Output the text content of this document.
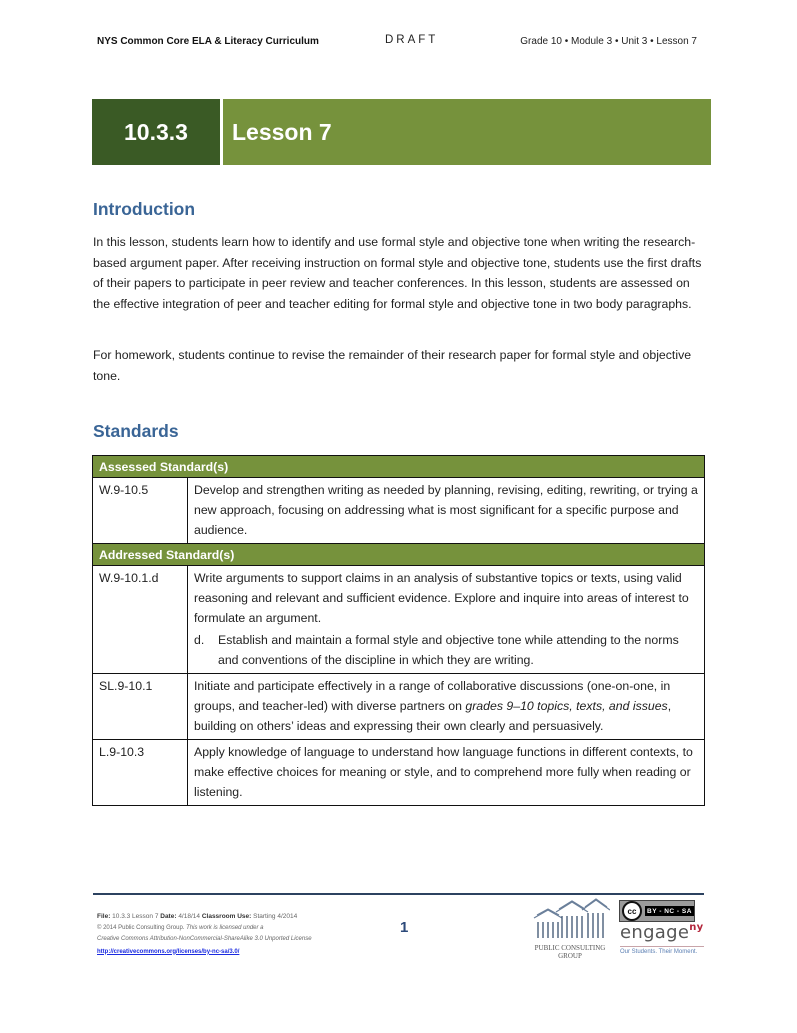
NYS Common Core ELA & Literacy Curriculum	DRAFT	Grade 10 • Module 3 • Unit 3 • Lesson 7
10.3.3	Lesson 7
Introduction

In this lesson, students learn how to identify and use formal style and objective tone when writing the research-based argument paper. After receiving instruction on formal style and objective tone, students use the first drafts of their papers to participate in peer review and teacher conferences. In this lesson, students are assessed on the effective integration of peer and teacher editing for formal style and objective tone in two body paragraphs.

For homework, students continue to revise the remainder of their research paper for formal style and objective tone.

Standards
Assessed Standard(s)	
W.9-10.5	Develop and strengthen writing as needed by planning, revising, editing, rewriting, or trying a new approach, focusing on addressing what is most significant for a specific purpose and audience.
Addressed Standard(s)	
W.9-10.1.d	Write arguments to support claims in an analysis of substantive topics or texts, using valid reasoning and relevant and sufficient evidence. Explore and inquire into areas of interest to formulate an argument.
d. Establish and maintain a formal style and objective tone while attending to the norms and conventions of the discipline in which they are writing.

SL.9-10.1	Initiate and participate effectively in a range of collaborative discussions (one-on-one, in groups, and teacher-led) with diverse partners on grades 9–10 topics, texts, and issues, building on others’ ideas and expressing their own clearly and persuasively.
L.9-10.3	Apply knowledge of language to understand how language functions in different contexts, to make effective choices for meaning or style, and to comprehend more fully when reading or listening.
File: 10.3.3 Lesson 7 Date: 4/18/14 Classroom Use: Starting 4/2014
© 2014 Public Consulting Group. This work is licensed under a
Creative Commons Attribution-NonCommercial-ShareAlike 3.0 Unported License
http://creativecommons.org/licenses/by-nc-sa/3.0/
1
PUBLIC CONSULTING
GROUP
cc	BY - NC - SA
engage$^{ny}$
Our Students. Their Moment.
